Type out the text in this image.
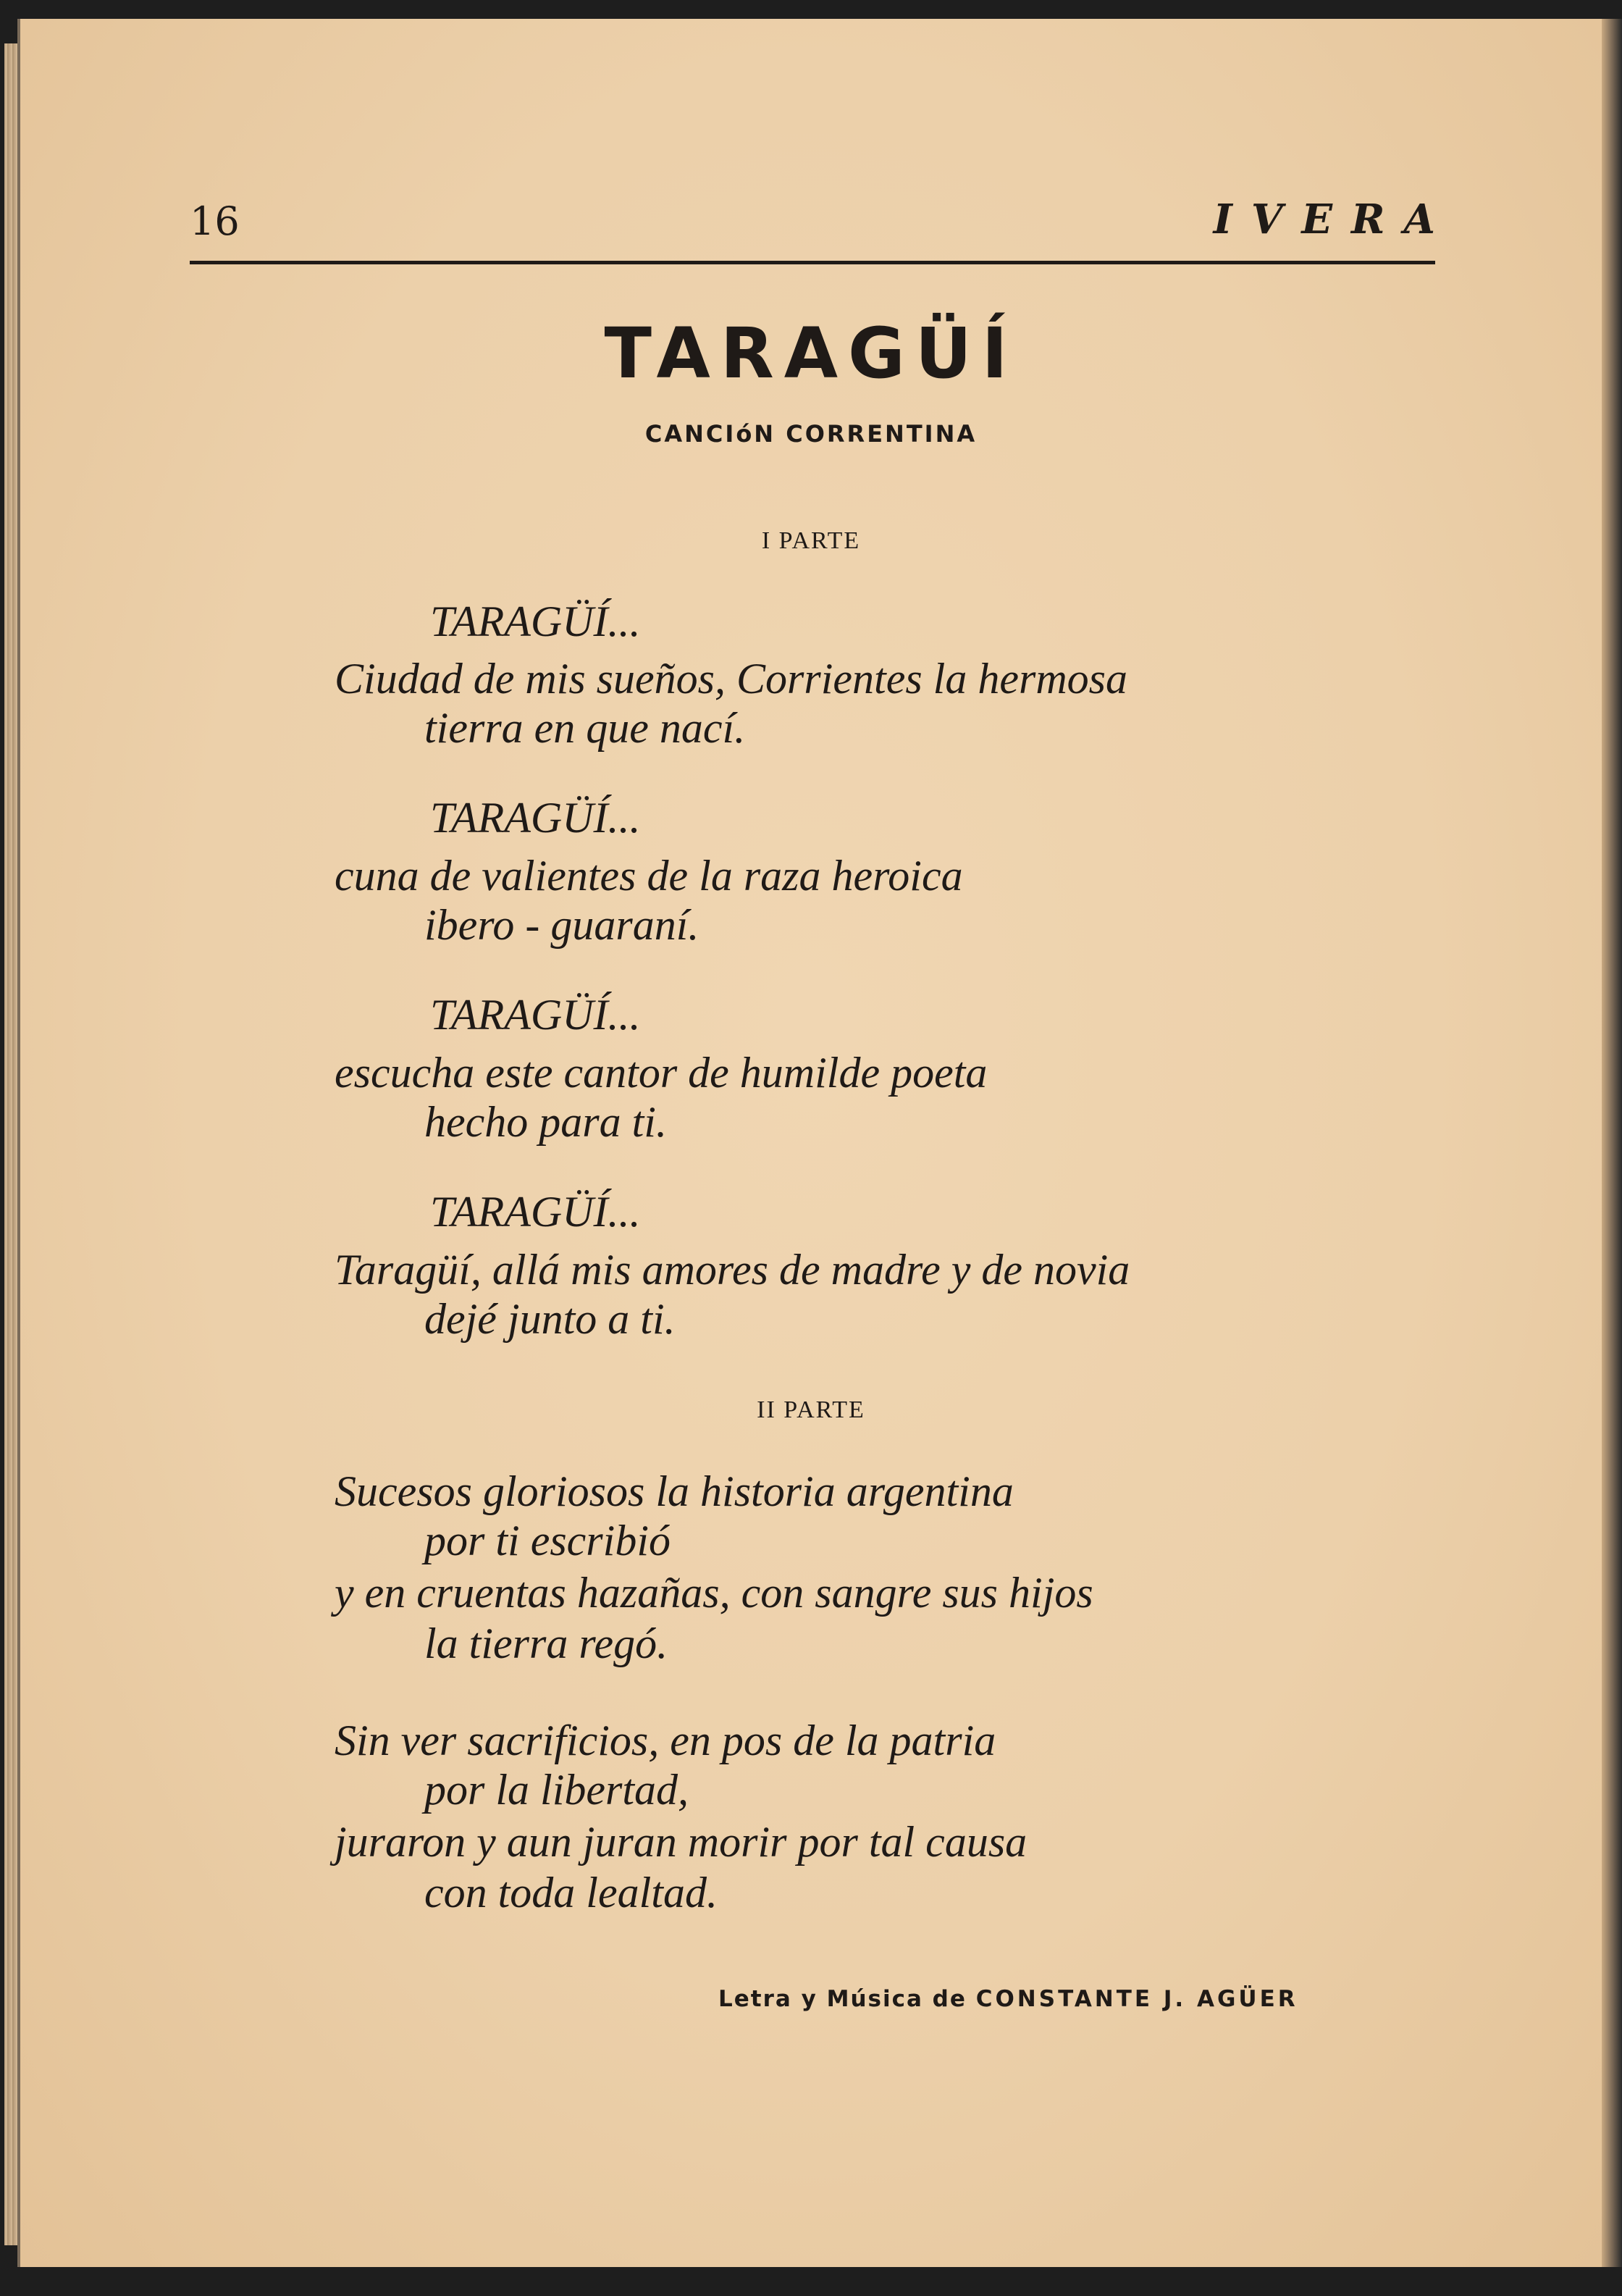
16	IVERA
TARAGÜÍ
CANCIóN CORRENTINA
I PARTE
TARAGÜÍ...
Ciudad de mis sueños, Corrientes la hermosa
tierra en que nací.
TARAGÜÍ...
cuna de valientes de la raza heroica
ibero - guaraní.
TARAGÜÍ...
escucha este cantor de humilde poeta
hecho para ti.
TARAGÜÍ...
Taragüí, allá mis amores de madre y de novia
dejé junto a ti.
II PARTE
Sucesos gloriosos la historia argentina
por ti escribió
y en cruentas hazañas, con sangre sus hijos
la tierra regó.
Sin ver sacrificios, en pos de la patria
por la libertad,
juraron y aun juran morir por tal causa
con toda lealtad.
Letra y Música de CONSTANTE J. AGÜER
